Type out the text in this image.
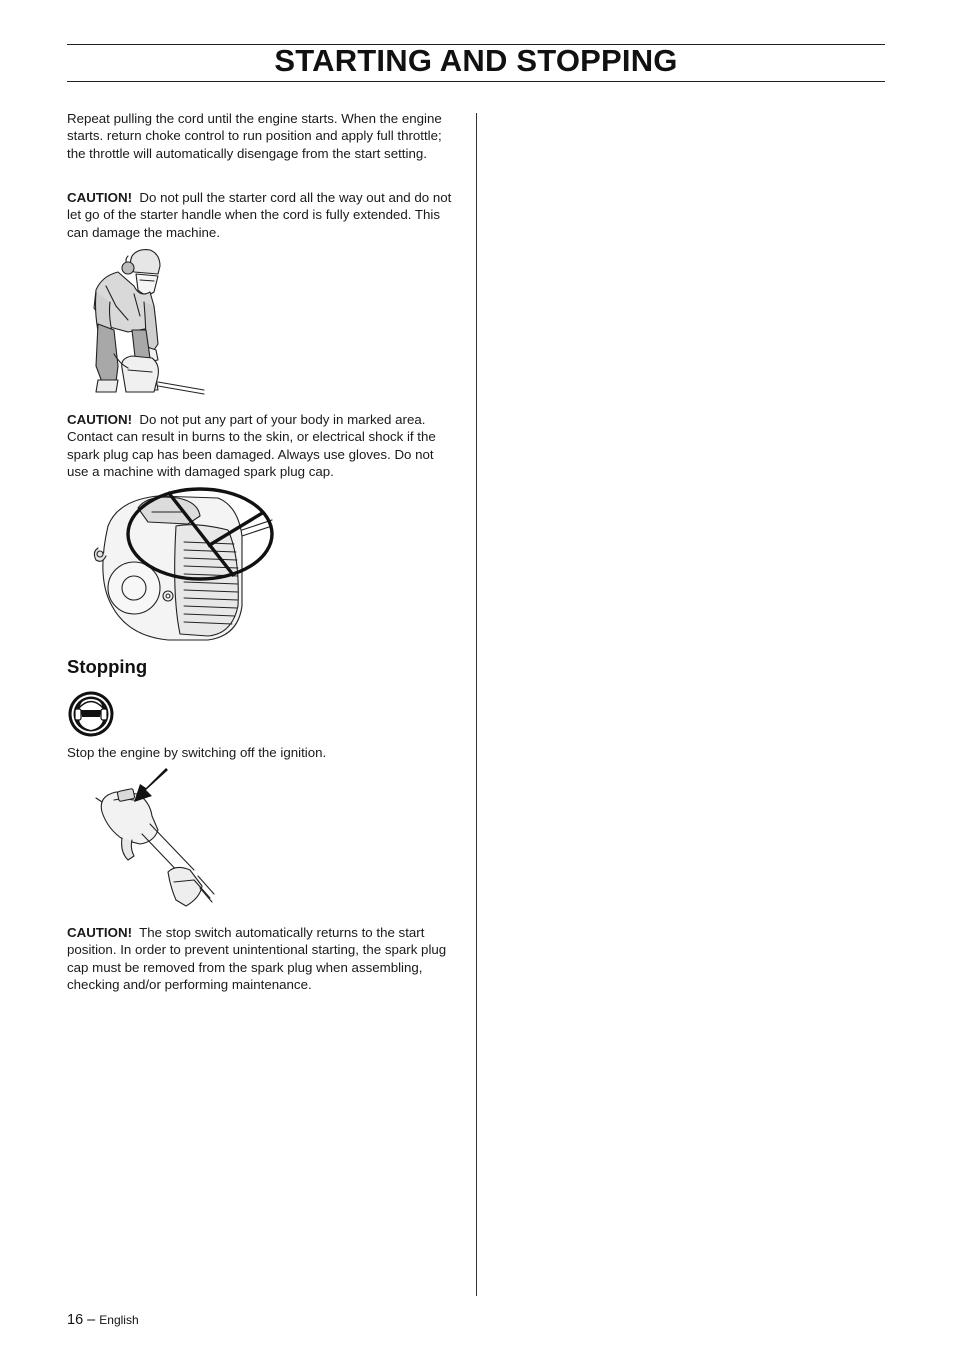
STARTING AND STOPPING

Repeat pulling the cord until the engine starts. When the engine starts. return choke control to run position and apply full throttle; the throttle will automatically disengage from the start setting.

CAUTION! Do not pull the starter cord all the way out and do not let go of the starter handle when the cord is fully extended. This can damage the machine.

CAUTION! Do not put any part of your body in marked area. Contact can result in burns to the skin, or electrical shock if the spark plug cap has been damaged. Always use gloves. Do not use a machine with damaged spark plug cap.

Stopping

Stop the engine by switching off the ignition.

CAUTION! The stop switch automatically returns to the start position. In order to prevent unintentional starting, the spark plug cap must be removed from the spark plug when assembling, checking and/or performing maintenance.

16 – English
